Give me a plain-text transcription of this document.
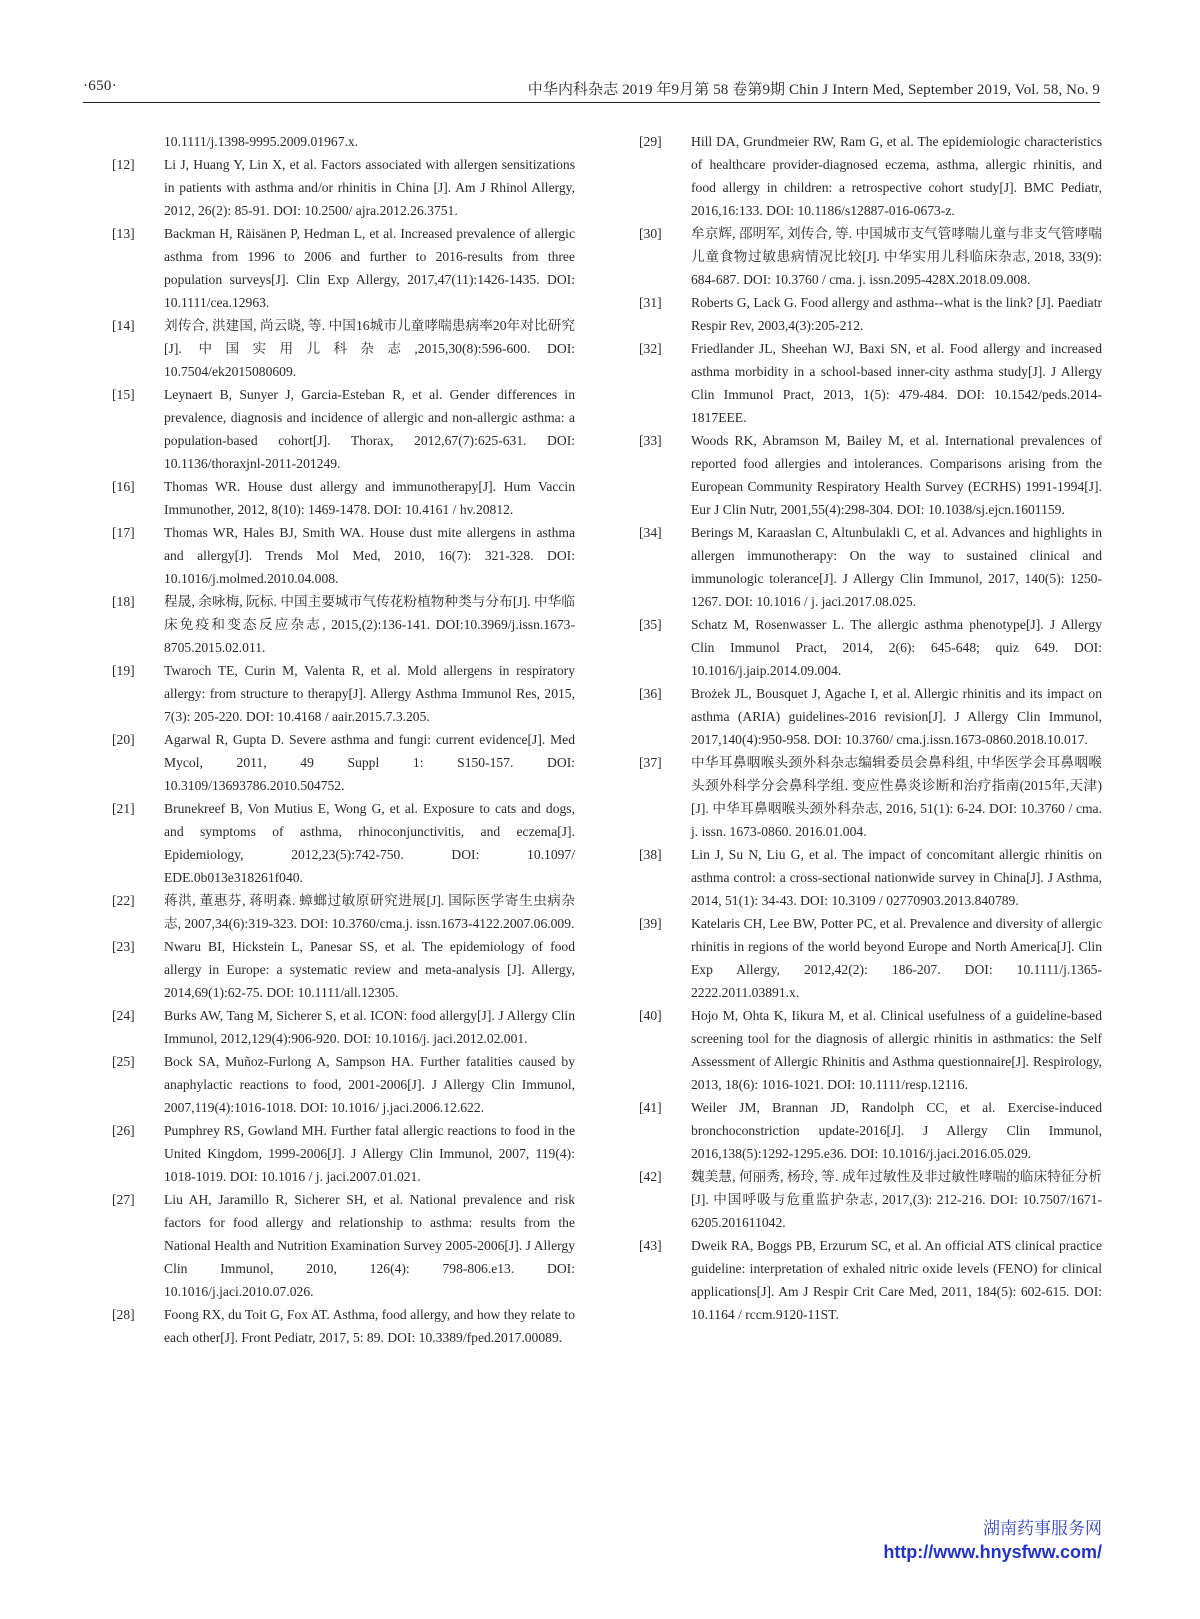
·650·	中华内科杂志 2019 年9月第 58 卷第9期 Chin J Intern Med, September 2019, Vol. 58, No. 9
10.1111/j.1398-9995.2009.01967.x.
[12] Li J, Huang Y, Lin X, et al. Factors associated with allergen sensitizations in patients with asthma and/or rhinitis in China [J]. Am J Rhinol Allergy, 2012, 26(2): 85-91. DOI: 10.2500/ ajra.2012.26.3751.
[13] Backman H, Räisänen P, Hedman L, et al. Increased prevalence of allergic asthma from 1996 to 2006 and further to 2016-results from three population surveys[J]. Clin Exp Allergy, 2017,47(11):1426-1435. DOI: 10.1111/cea.12963.
[14] 刘传合, 洪建国, 尚云晓, 等. 中国16城市儿童哮喘患病率20年对比研究[J]. 中国实用儿科杂志,2015,30(8):596-600. DOI: 10.7504/ek2015080609.
[15] Leynaert B, Sunyer J, Garcia-Esteban R, et al. Gender differences in prevalence, diagnosis and incidence of allergic and non-allergic asthma: a population-based cohort[J]. Thorax, 2012,67(7):625-631. DOI: 10.1136/thoraxjnl-2011-201249.
[16] Thomas WR. House dust allergy and immunotherapy[J]. Hum Vaccin Immunother, 2012, 8(10): 1469-1478. DOI: 10.4161 / hv.20812.
[17] Thomas WR, Hales BJ, Smith WA. House dust mite allergens in asthma and allergy[J]. Trends Mol Med, 2010, 16(7): 321-328. DOI: 10.1016/j.molmed.2010.04.008.
[18] 程晟, 余咏梅, 阮标. 中国主要城市气传花粉植物种类与分布[J]. 中华临床免疫和变态反应杂志, 2015,(2):136-141. DOI:10.3969/j.issn.1673-8705.2015.02.011.
[19] Twaroch TE, Curin M, Valenta R, et al. Mold allergens in respiratory allergy: from structure to therapy[J]. Allergy Asthma Immunol Res, 2015, 7(3): 205-220. DOI: 10.4168 / aair.2015.7.3.205.
[20] Agarwal R, Gupta D. Severe asthma and fungi: current evidence[J]. Med Mycol, 2011, 49 Suppl 1: S150-157. DOI: 10.3109/13693786.2010.504752.
[21] Brunekreef B, Von Mutius E, Wong G, et al. Exposure to cats and dogs, and symptoms of asthma, rhinoconjunctivitis, and eczema[J]. Epidemiology, 2012,23(5):742-750. DOI: 10.1097/ EDE.0b013e318261f040.
[22] 蒋洪, 董惠芬, 蒋明森. 蟑螂过敏原研究进展[J]. 国际医学寄生虫病杂志, 2007,34(6):319-323. DOI: 10.3760/cma.j. issn.1673-4122.2007.06.009.
[23] Nwaru BI, Hickstein L, Panesar SS, et al. The epidemiology of food allergy in Europe: a systematic review and meta-analysis [J]. Allergy, 2014,69(1):62-75. DOI: 10.1111/all.12305.
[24] Burks AW, Tang M, Sicherer S, et al. ICON: food allergy[J]. J Allergy Clin Immunol, 2012,129(4):906-920. DOI: 10.1016/j. jaci.2012.02.001.
[25] Bock SA, Muñoz-Furlong A, Sampson HA. Further fatalities caused by anaphylactic reactions to food, 2001-2006[J]. J Allergy Clin Immunol, 2007,119(4):1016-1018. DOI: 10.1016/ j.jaci.2006.12.622.
[26] Pumphrey RS, Gowland MH. Further fatal allergic reactions to food in the United Kingdom, 1999-2006[J]. J Allergy Clin Immunol, 2007, 119(4): 1018-1019. DOI: 10.1016 / j. jaci.2007.01.021.
[27] Liu AH, Jaramillo R, Sicherer SH, et al. National prevalence and risk factors for food allergy and relationship to asthma: results from the National Health and Nutrition Examination Survey 2005-2006[J]. J Allergy Clin Immunol, 2010, 126(4): 798-806.e13. DOI: 10.1016/j.jaci.2010.07.026.
[28] Foong RX, du Toit G, Fox AT. Asthma, food allergy, and how they relate to each other[J]. Front Pediatr, 2017, 5: 89. DOI: 10.3389/fped.2017.00089.
[29] Hill DA, Grundmeier RW, Ram G, et al. The epidemiologic characteristics of healthcare provider-diagnosed eczema, asthma, allergic rhinitis, and food allergy in children: a retrospective cohort study[J]. BMC Pediatr, 2016,16:133. DOI: 10.1186/s12887-016-0673-z.
[30] 牟京辉, 邵明军, 刘传合, 等. 中国城市支气管哮喘儿童与非支气管哮喘儿童食物过敏患病情况比较[J]. 中华实用儿科临床杂志, 2018, 33(9): 684-687. DOI: 10.3760 / cma. j. issn.2095-428X.2018.09.008.
[31] Roberts G, Lack G. Food allergy and asthma--what is the link? [J]. Paediatr Respir Rev, 2003,4(3):205-212.
[32] Friedlander JL, Sheehan WJ, Baxi SN, et al. Food allergy and increased asthma morbidity in a school-based inner-city asthma study[J]. J Allergy Clin Immunol Pract, 2013, 1(5): 479-484. DOI: 10.1542/peds.2014-1817EEE.
[33] Woods RK, Abramson M, Bailey M, et al. International prevalences of reported food allergies and intolerances. Comparisons arising from the European Community Respiratory Health Survey (ECRHS) 1991-1994[J]. Eur J Clin Nutr, 2001,55(4):298-304. DOI: 10.1038/sj.ejcn.1601159.
[34] Berings M, Karaaslan C, Altunbulakli C, et al. Advances and highlights in allergen immunotherapy: On the way to sustained clinical and immunologic tolerance[J]. J Allergy Clin Immunol, 2017, 140(5): 1250-1267. DOI: 10.1016 / j. jaci.2017.08.025.
[35] Schatz M, Rosenwasser L. The allergic asthma phenotype[J]. J Allergy Clin Immunol Pract, 2014, 2(6): 645-648; quiz 649. DOI: 10.1016/j.jaip.2014.09.004.
[36] Brożek JL, Bousquet J, Agache I, et al. Allergic rhinitis and its impact on asthma (ARIA) guidelines-2016 revision[J]. J Allergy Clin Immunol, 2017,140(4):950-958. DOI: 10.3760/ cma.j.issn.1673-0860.2018.10.017.
[37] 中华耳鼻咽喉头颈外科杂志编辑委员会鼻科组, 中华医学会耳鼻咽喉头颈外科学分会鼻科学组. 变应性鼻炎诊断和治疗指南(2015年,天津)[J]. 中华耳鼻咽喉头颈外科杂志, 2016, 51(1): 6-24. DOI: 10.3760 / cma. j. issn. 1673-0860. 2016.01.004.
[38] Lin J, Su N, Liu G, et al. The impact of concomitant allergic rhinitis on asthma control: a cross-sectional nationwide survey in China[J]. J Asthma, 2014, 51(1): 34-43. DOI: 10.3109 / 02770903.2013.840789.
[39] Katelaris CH, Lee BW, Potter PC, et al. Prevalence and diversity of allergic rhinitis in regions of the world beyond Europe and North America[J]. Clin Exp Allergy, 2012,42(2): 186-207. DOI: 10.1111/j.1365-2222.2011.03891.x.
[40] Hojo M, Ohta K, Iikura M, et al. Clinical usefulness of a guideline-based screening tool for the diagnosis of allergic rhinitis in asthmatics: the Self Assessment of Allergic Rhinitis and Asthma questionnaire[J]. Respirology, 2013, 18(6): 1016-1021. DOI: 10.1111/resp.12116.
[41] Weiler JM, Brannan JD, Randolph CC, et al. Exercise-induced bronchoconstriction update-2016[J]. J Allergy Clin Immunol, 2016,138(5):1292-1295.e36. DOI: 10.1016/j.jaci.2016.05.029.
[42] 魏美慧, 何丽秀, 杨玲, 等. 成年过敏性及非过敏性哮喘的临床特征分析[J]. 中国呼吸与危重监护杂志, 2017,(3): 212-216. DOI: 10.7507/1671-6205.201611042.
[43] Dweik RA, Boggs PB, Erzurum SC, et al. An official ATS clinical practice guideline: interpretation of exhaled nitric oxide levels (FENO) for clinical applications[J]. Am J Respir Crit Care Med, 2011, 184(5): 602-615. DOI: 10.1164 / rccm.9120-11ST.
湖南药事服务网
http://www.hnysfww.com/
